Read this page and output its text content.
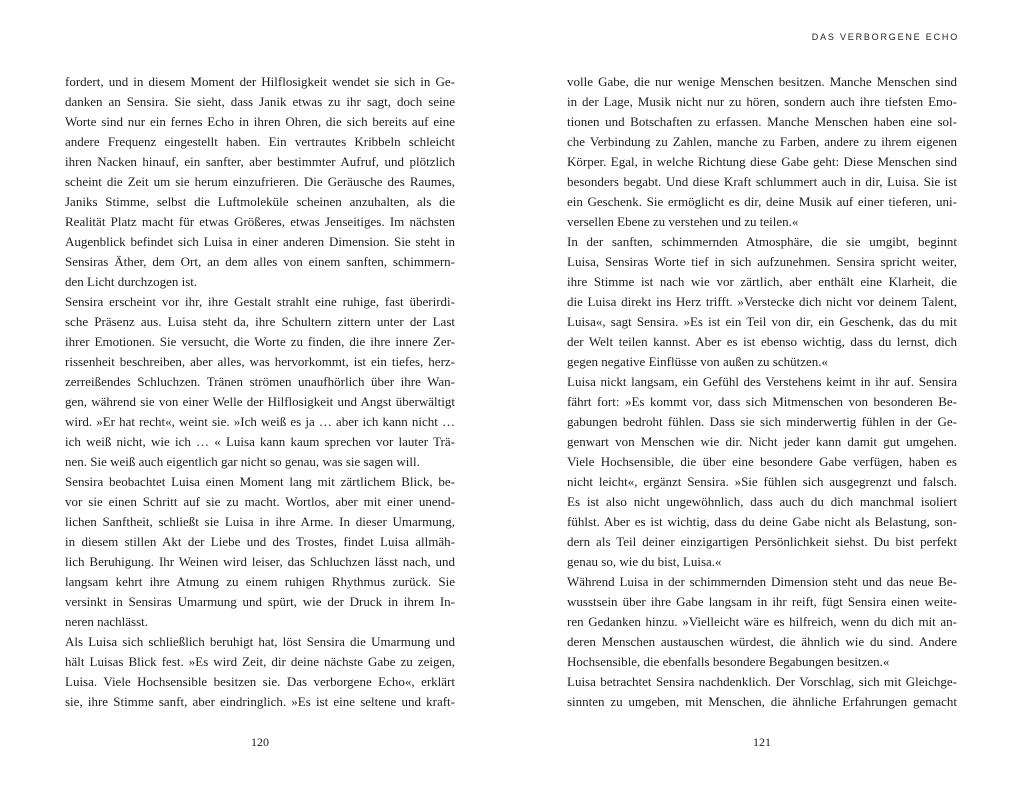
fordert, und in diesem Moment der Hilflosigkeit wendet sie sich in Ge-
danken an Sensira. Sie sieht, dass Janik etwas zu ihr sagt, doch seine
Worte sind nur ein fernes Echo in ihren Ohren, die sich bereits auf eine
andere Frequenz eingestellt haben. Ein vertrautes Kribbeln schleicht
ihren Nacken hinauf, ein sanfter, aber bestimmter Aufruf, und plötzlich
scheint die Zeit um sie herum einzufrieren. Die Geräusche des Raumes,
Janiks Stimme, selbst die Luftmoleküle scheinen anzuhalten, als die
Realität Platz macht für etwas Größeres, etwas Jenseitiges. Im nächsten
Augenblick befindet sich Luisa in einer anderen Dimension. Sie steht in
Sensiras Äther, dem Ort, an dem alles von einem sanften, schimmern-
den Licht durchzogen ist.

Sensira erscheint vor ihr, ihre Gestalt strahlt eine ruhige, fast überirdi-
sche Präsenz aus. Luisa steht da, ihre Schultern zittern unter der Last
ihrer Emotionen. Sie versucht, die Worte zu finden, die ihre innere Zer-
rissenheit beschreiben, aber alles, was hervorkommt, ist ein tiefes, herz-
zerreißendes Schluchzen. Tränen strömen unaufhörlich über ihre Wan-
gen, während sie von einer Welle der Hilflosigkeit und Angst überwältigt
wird. »Er hat recht«, weint sie. »Ich weiß es ja … aber ich kann nicht …
ich weiß nicht, wie ich … « Luisa kann kaum sprechen vor lauter Trä-
nen. Sie weiß auch eigentlich gar nicht so genau, was sie sagen will.

Sensira beobachtet Luisa einen Moment lang mit zärtlichem Blick, be-
vor sie einen Schritt auf sie zu macht. Wortlos, aber mit einer unend-
lichen Sanftheit, schließt sie Luisa in ihre Arme. In dieser Umarmung,
in diesem stillen Akt der Liebe und des Trostes, findet Luisa allmäh-
lich Beruhigung. Ihr Weinen wird leiser, das Schluchzen lässt nach, und
langsam kehrt ihre Atmung zu einem ruhigen Rhythmus zurück. Sie
versinkt in Sensiras Umarmung und spürt, wie der Druck in ihrem In-
neren nachlässt.

Als Luisa sich schließlich beruhigt hat, löst Sensira die Umarmung und
hält Luisas Blick fest. »Es wird Zeit, dir deine nächste Gabe zu zeigen,
Luisa. Viele Hochsensible besitzen sie. Das verborgene Echo«, erklärt
sie, ihre Stimme sanft, aber eindringlich. »Es ist eine seltene und kraft-

120
DAS VERBORGENE ECHO

volle Gabe, die nur wenige Menschen besitzen. Manche Menschen sind
in der Lage, Musik nicht nur zu hören, sondern auch ihre tiefsten Emo-
tionen und Botschaften zu erfassen. Manche Menschen haben eine sol-
che Verbindung zu Zahlen, manche zu Farben, andere zu ihrem eigenen
Körper. Egal, in welche Richtung diese Gabe geht: Diese Menschen sind
besonders begabt. Und diese Kraft schlummert auch in dir, Luisa. Sie ist
ein Geschenk. Sie ermöglicht es dir, deine Musik auf einer tieferen, uni-
versellen Ebene zu verstehen und zu teilen.«

In der sanften, schimmernden Atmosphäre, die sie umgibt, beginnt
Luisa, Sensiras Worte tief in sich aufzunehmen. Sensira spricht weiter,
ihre Stimme ist nach wie vor zärtlich, aber enthält eine Klarheit, die
die Luisa direkt ins Herz trifft. »Verstecke dich nicht vor deinem Talent,
Luisa«, sagt Sensira. »Es ist ein Teil von dir, ein Geschenk, das du mit
der Welt teilen kannst. Aber es ist ebenso wichtig, dass du lernst, dich
gegen negative Einflüsse von außen zu schützen.«

Luisa nickt langsam, ein Gefühl des Verstehens keimt in ihr auf. Sensira
fährt fort: »Es kommt vor, dass sich Mitmenschen von besonderen Be-
gabungen bedroht fühlen. Dass sie sich minderwertig fühlen in der Ge-
genwart von Menschen wie dir. Nicht jeder kann damit gut umgehen.
Viele Hochsensible, die über eine besondere Gabe verfügen, haben es
nicht leicht«, ergänzt Sensira. »Sie fühlen sich ausgegrenzt und falsch.
Es ist also nicht ungewöhnlich, dass auch du dich manchmal isoliert
fühlst. Aber es ist wichtig, dass du deine Gabe nicht als Belastung, son-
dern als Teil deiner einzigartigen Persönlichkeit siehst. Du bist perfekt
genau so, wie du bist, Luisa.«

Während Luisa in der schimmernden Dimension steht und das neue Be-
wusstsein über ihre Gabe langsam in ihr reift, fügt Sensira einen weite-
ren Gedanken hinzu. »Vielleicht wäre es hilfreich, wenn du dich mit an-
deren Menschen austauschen würdest, die ähnlich wie du sind. Andere
Hochsensible, die ebenfalls besondere Begabungen besitzen.«

Luisa betrachtet Sensira nachdenklich. Der Vorschlag, sich mit Gleichge-
sinnten zu umgeben, mit Menschen, die ähnliche Erfahrungen gemacht

121
